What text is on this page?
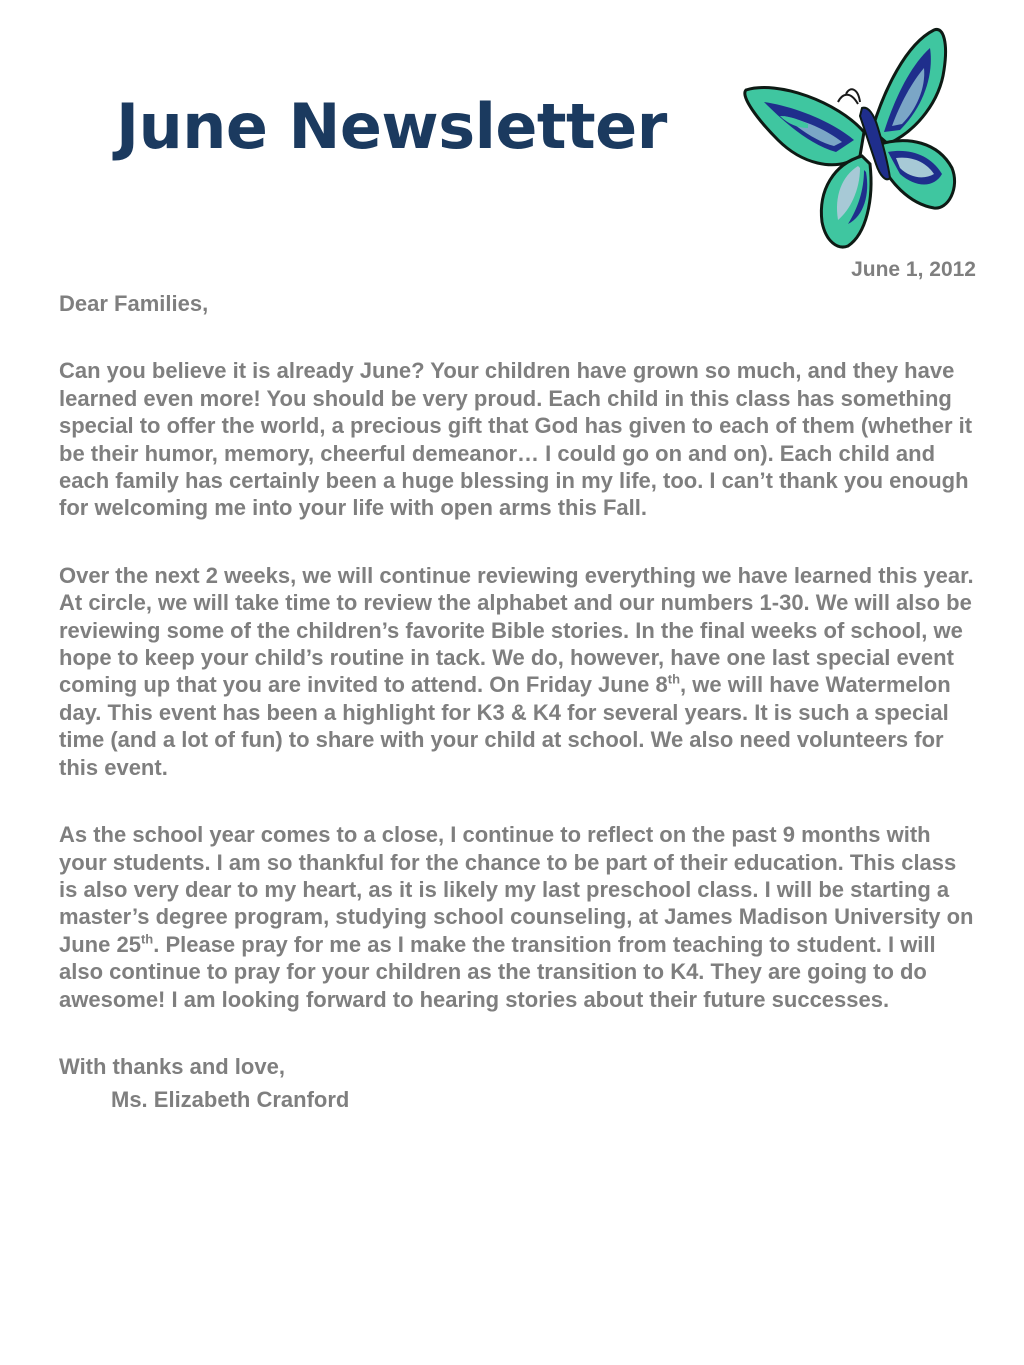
June Newsletter

June 1, 2012

Dear Families,

Can you believe it is already June? Your children have grown so much, and they have learned even more! You should be very proud. Each child in this class has something special to offer the world, a precious gift that God has given to each of them (whether it be their humor, memory, cheerful demeanor… I could go on and on). Each child and each family has certainly been a huge blessing in my life, too. I can’t thank you enough for welcoming me into your life with open arms this Fall.

Over the next 2 weeks, we will continue reviewing everything we have learned this year. At circle, we will take time to review the alphabet and our numbers 1-30. We will also be reviewing some of the children’s favorite Bible stories. In the final weeks of school, we hope to keep your child’s routine in tack. We do, however, have one last special event coming up that you are invited to attend. On Friday June 8th, we will have Watermelon day. This event has been a highlight for K3 & K4 for several years. It is such a special time (and a lot of fun) to share with your child at school. We also need volunteers for this event.

As the school year comes to a close, I continue to reflect on the past 9 months with your students. I am so thankful for the chance to be part of their education. This class is also very dear to my heart, as it is likely my last preschool class. I will be starting a master’s degree program, studying school counseling, at James Madison University on June 25th. Please pray for me as I make the transition from teaching to student. I will also continue to pray for your children as the transition to K4. They are going to do awesome! I am looking forward to hearing stories about their future successes.

With thanks and love,

Ms. Elizabeth Cranford
